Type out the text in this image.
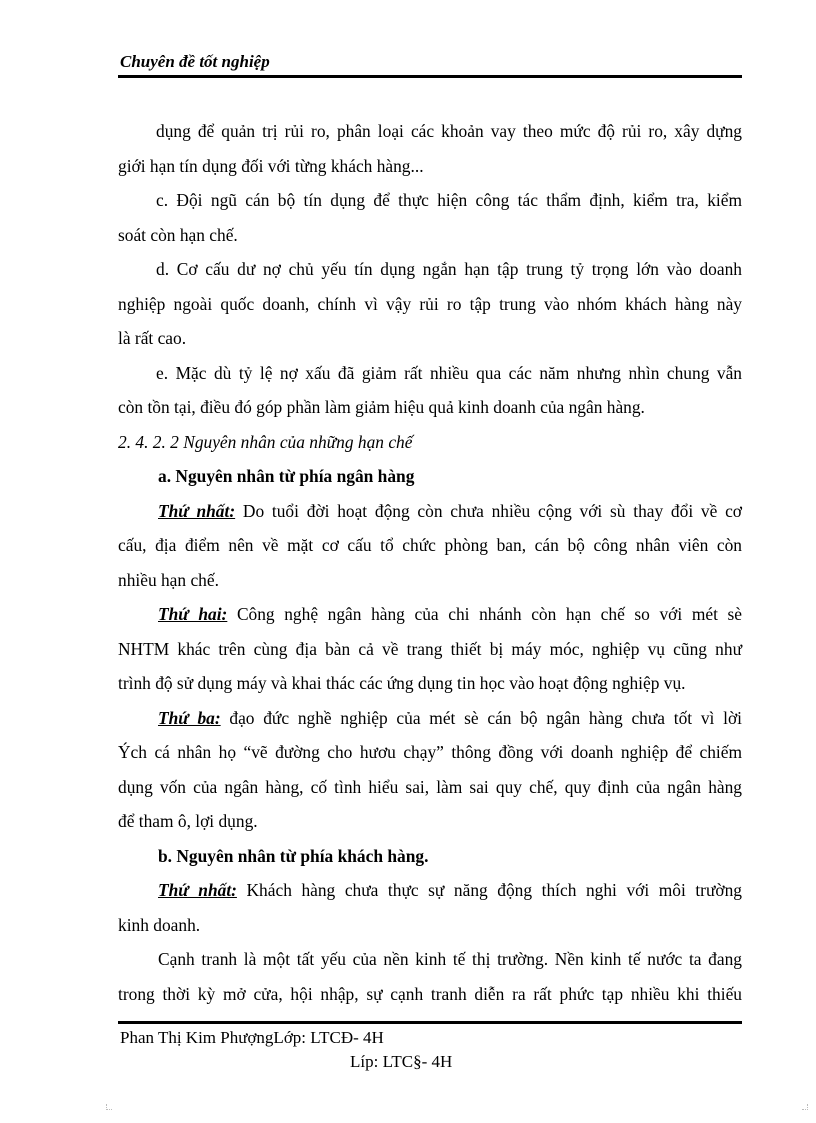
Chuyên đề tốt nghiệp
dụng để quản trị rủi ro, phân loại các khoản vay theo mức độ rủi ro, xây dựng
giới hạn tín dụng đối với từng khách hàng...
c. Đội ngũ cán bộ tín dụng để thực hiện công tác thẩm định, kiểm tra, kiểm
soát còn hạn chế.
d. Cơ cấu dư nợ chủ yếu tín dụng ngắn hạn tập trung tỷ trọng lớn vào doanh
nghiệp ngoài quốc doanh, chính vì vậy rủi ro tập trung vào nhóm khách hàng này
là rất cao.
e. Mặc dù tỷ lệ nợ xấu đã giảm rất nhiều qua các năm nhưng nhìn chung vẫn
còn tồn tại, điều đó góp phần làm giảm hiệu quả kinh doanh của ngân hàng.
2. 4. 2. 2 Nguyên nhân của những hạn chế
a. Nguyên nhân từ phía ngân hàng
Thứ nhất: Do tuổi đời hoạt động còn chưa nhiều cộng với sù thay đổi về cơ
cấu, địa điểm nên về mặt cơ cấu tổ chức phòng ban, cán bộ công nhân viên còn
nhiều hạn chế.
Thứ hai: Công nghệ ngân hàng của chi nhánh còn hạn chế so với mét sè
NHTM khác trên cùng địa bàn cả về trang thiết bị máy móc, nghiệp vụ cũng như
trình độ sử dụng máy và khai thác các ứng dụng tin học vào hoạt động nghiệp vụ.
Thứ ba: đạo đức nghề nghiệp của mét sè cán bộ ngân hàng chưa tốt vì lời
Ých cá nhân họ “vẽ đường cho hươu chạy” thông đồng với doanh nghiệp để chiếm
dụng vốn của ngân hàng, cố tình hiểu sai, làm sai quy chế, quy định của ngân hàng
để tham ô, lợi dụng.
b. Nguyên nhân từ phía khách hàng.
Thứ nhất: Khách hàng chưa thực sự năng động thích nghi với môi trường
kinh doanh.
Cạnh tranh là một tất yếu của nền kinh tế thị trường. Nền kinh tế nước ta đang
trong thời kỳ mở cửa, hội nhập, sự cạnh tranh diễn ra rất phức tạp nhiều khi thiếu
Phan Thị Kim PhượngLớp: LTCĐ- 4H
Líp: LTC§- 4H
